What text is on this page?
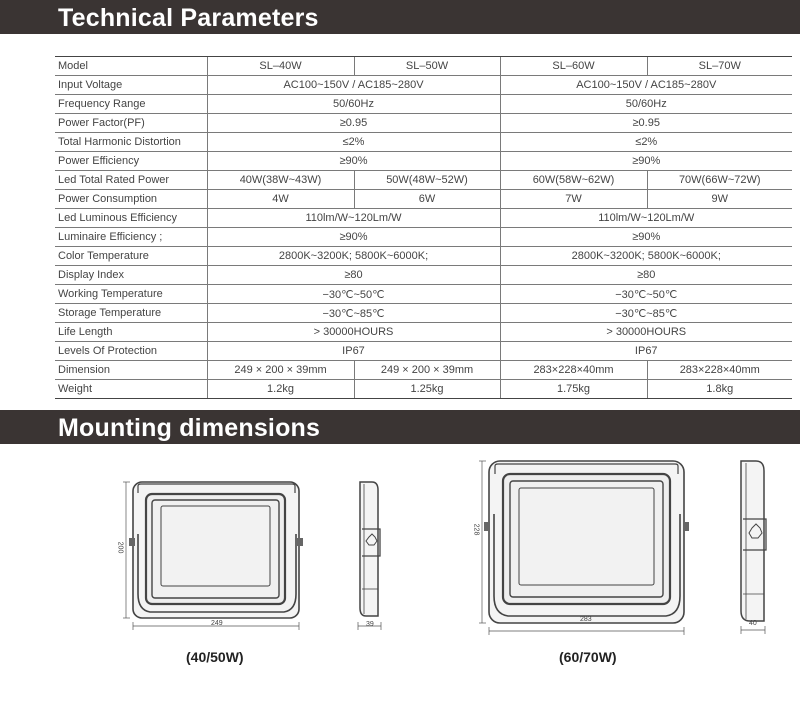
Technical Parameters
Model	SL–40W	SL–50W	SL–60W	SL–70W
Input Voltage	AC100~150V / AC185~280V		AC100~150V / AC185~280V	
Frequency Range	50/60Hz		50/60Hz	
Power Factor(PF)	≥0.95		≥0.95	
Total Harmonic Distortion	≤2%		≤2%	
Power Efficiency	≥90%		≥90%	
Led Total Rated Power	40W(38W~43W)	50W(48W~52W)	60W(58W~62W)	70W(66W~72W)
Power Consumption	4W	6W	7W	9W
Led Luminous Efficiency	110lm/W~120Lm/W		110lm/W~120Lm/W	
Luminaire Efficiency ;	≥90%		≥90%	
Color Temperature	2800K~3200K; 5800K~6000K;		2800K~3200K; 5800K~6000K;	
Display Index	≥80		≥80	
Working Temperature	−30℃~50℃		−30℃~50℃	
Storage Temperature	−30℃~85℃		−30℃~85℃	
Life Length	> 30000HOURS		> 30000HOURS	
Levels Of Protection	IP67		IP67	
Dimension	249 × 200 × 39mm	249 × 200 × 39mm	283×228×40mm	283×228×40mm
Weight	1.2kg	1.25kg	1.75kg	1.8kg
Mounting dimensions
249
200
39
(40/50W)
283
228
40
(60/70W)
